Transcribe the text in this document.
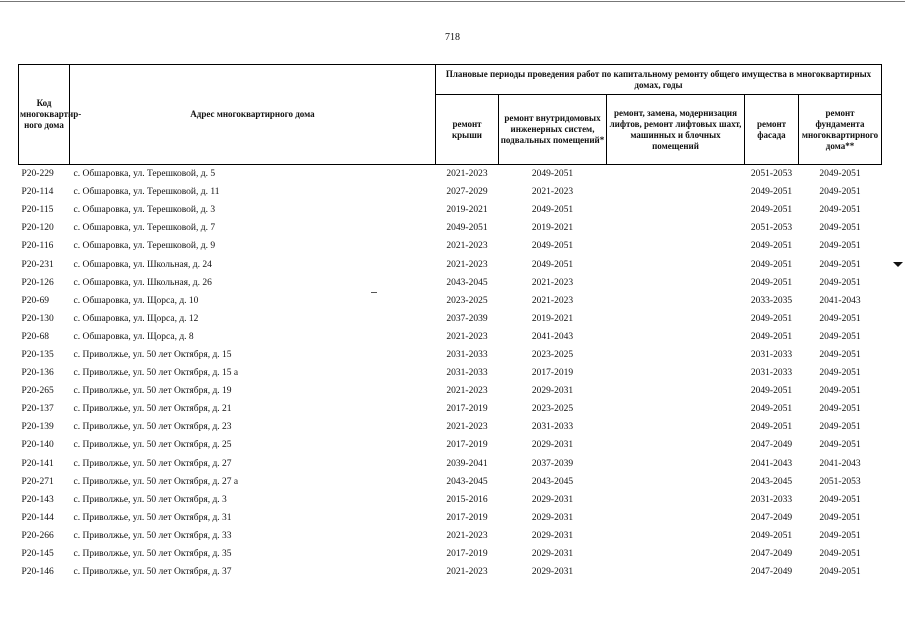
718
Код многоквартир-ного дома	Адрес многоквартирного дома	Плановые периоды проведения работ по капитальному ремонту общего имущества в многоквартирных домах, годы				
		ремонт крыши	ремонт внутридомовых инженерных систем, подвальных помещений*	ремонт, замена, модернизация лифтов, ремонт лифтовых шахт, машинных и блочных помещений	ремонт фасада	ремонт фундамента многоквартирного дома**
Р20-229	с. Обшаровка, ул. Терешковой, д. 5	2021-2023	2049-2051		2051-2053	2049-2051
Р20-114	с. Обшаровка, ул. Терешковой, д. 11	2027-2029	2021-2023		2049-2051	2049-2051
Р20-115	с. Обшаровка, ул. Терешковой, д. 3	2019-2021	2049-2051		2049-2051	2049-2051
Р20-120	с. Обшаровка, ул. Терешковой, д. 7	2049-2051	2019-2021		2051-2053	2049-2051
Р20-116	с. Обшаровка, ул. Терешковой, д. 9	2021-2023	2049-2051		2049-2051	2049-2051
Р20-231	с. Обшаровка, ул. Школьная, д. 24	2021-2023	2049-2051		2049-2051	2049-2051
Р20-126	с. Обшаровка, ул. Школьная, д. 26	2043-2045	2021-2023		2049-2051	2049-2051
Р20-69	с. Обшаровка, ул. Щорса, д. 10	2023-2025	2021-2023		2033-2035	2041-2043
Р20-130	с. Обшаровка, ул. Щорса, д. 12	2037-2039	2019-2021		2049-2051	2049-2051
Р20-68	с. Обшаровка, ул. Щорса, д. 8	2021-2023	2041-2043		2049-2051	2049-2051
Р20-135	с. Приволжье, ул. 50 лет Октября, д. 15	2031-2033	2023-2025		2031-2033	2049-2051
Р20-136	с. Приволжье, ул. 50 лет Октября, д. 15 а	2031-2033	2017-2019		2031-2033	2049-2051
Р20-265	с. Приволжье, ул. 50 лет Октября, д. 19	2021-2023	2029-2031		2049-2051	2049-2051
Р20-137	с. Приволжье, ул. 50 лет Октября, д. 21	2017-2019	2023-2025		2049-2051	2049-2051
Р20-139	с. Приволжье, ул. 50 лет Октября, д. 23	2021-2023	2031-2033		2049-2051	2049-2051
Р20-140	с. Приволжье, ул. 50 лет Октября, д. 25	2017-2019	2029-2031		2047-2049	2049-2051
Р20-141	с. Приволжье, ул. 50 лет Октября, д. 27	2039-2041	2037-2039		2041-2043	2041-2043
Р20-271	с. Приволжье, ул. 50 лет Октября, д. 27 а	2043-2045	2043-2045		2043-2045	2051-2053
Р20-143	с. Приволжье, ул. 50 лет Октября, д. 3	2015-2016	2029-2031		2031-2033	2049-2051
Р20-144	с. Приволжье, ул. 50 лет Октября, д. 31	2017-2019	2029-2031		2047-2049	2049-2051
Р20-266	с. Приволжье, ул. 50 лет Октября, д. 33	2021-2023	2029-2031		2049-2051	2049-2051
Р20-145	с. Приволжье, ул. 50 лет Октября, д. 35	2017-2019	2029-2031		2047-2049	2049-2051
Р20-146	с. Приволжье, ул. 50 лет Октября, д. 37	2021-2023	2029-2031		2047-2049	2049-2051
